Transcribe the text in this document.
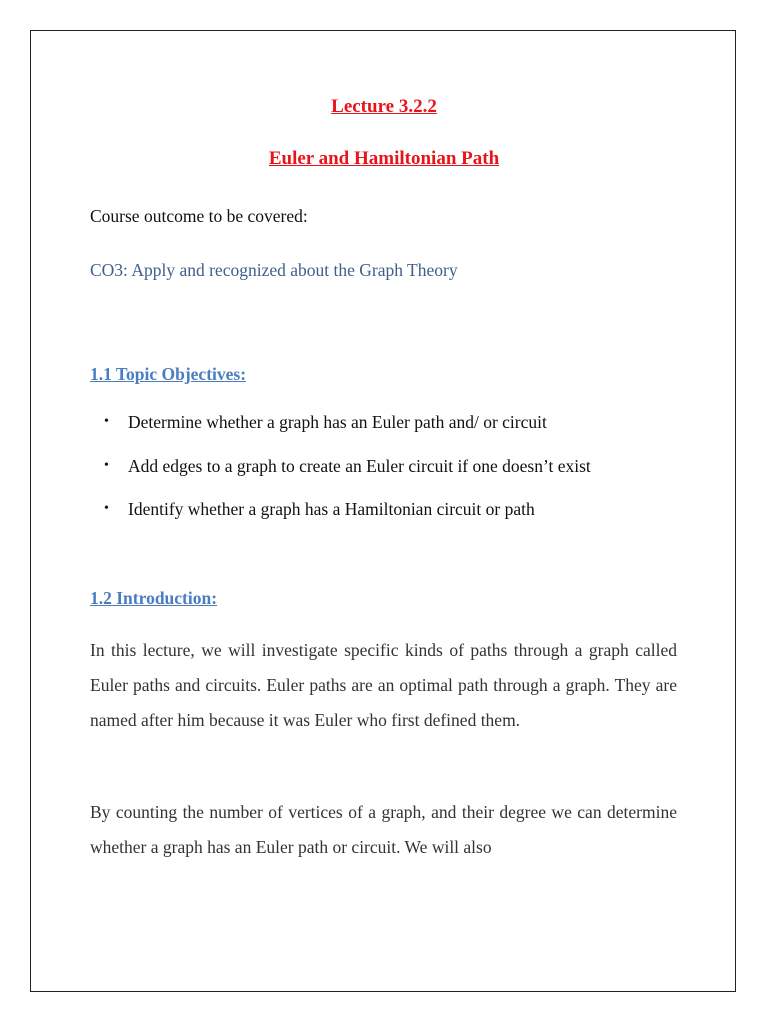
Lecture 3.2.2
Euler and Hamiltonian Path
Course outcome to be covered:
CO3: Apply and recognized about the Graph Theory
1.1 Topic Objectives:
• Determine whether a graph has an Euler path and/ or circuit
• Add edges to a graph to create an Euler circuit if one doesn’t exist
• Identify whether a graph has a Hamiltonian circuit or path
1.2 Introduction:

In this lecture, we will investigate specific kinds of paths through a graph called Euler paths and circuits. Euler paths are an optimal path through a graph. They are named after him because it was Euler who first defined them.

By counting the number of vertices of a graph, and their degree we can determine whether a graph has an Euler path or circuit. We will also
